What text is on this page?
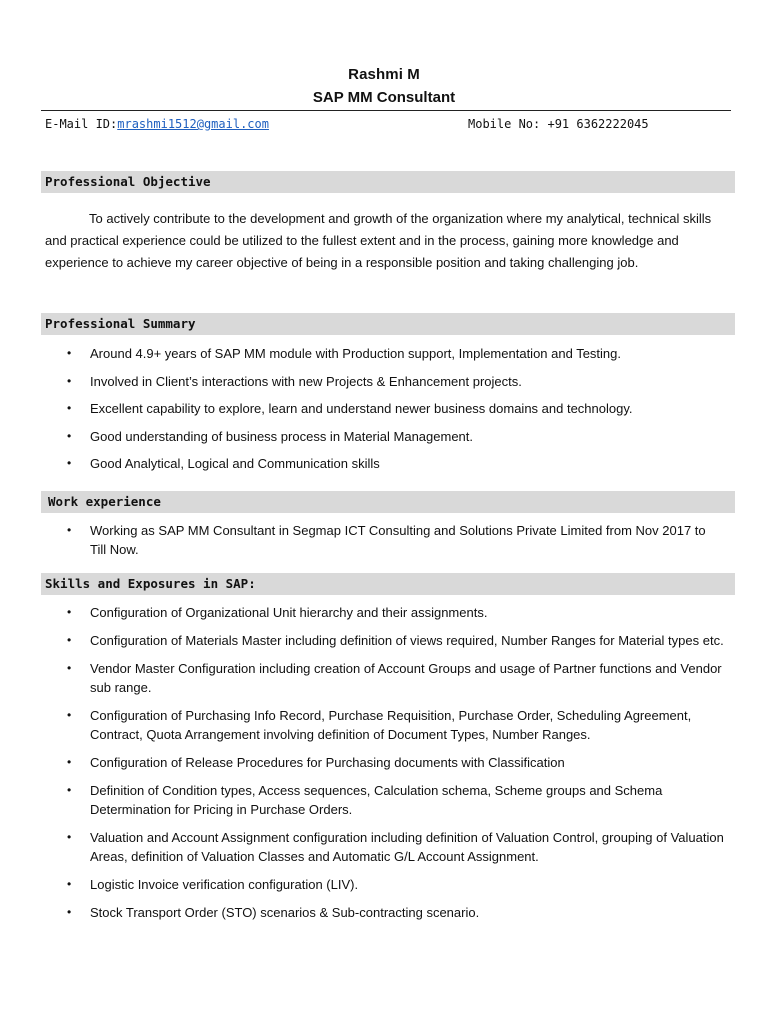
Rashmi M
SAP MM Consultant
E-Mail ID:mrashmi1512@gmail.com	Mobile No: +91 6362222045
Professional Objective
To actively contribute to the development and growth of the organization where my analytical, technical skills and practical experience could be utilized to the fullest extent and in the process, gaining more knowledge and experience to achieve my career objective of being in a responsible position and taking challenging job.
Professional Summary
• Around 4.9+ years of SAP MM module with Production support, Implementation and Testing.
• Involved in Client’s interactions with new Projects & Enhancement projects.
• Excellent capability to explore, learn and understand newer business domains and technology.
• Good understanding of business process in Material Management.
• Good Analytical, Logical and Communication skills
Work experience
• Working as SAP MM Consultant in Segmap ICT Consulting and Solutions Private Limited from Nov 2017 to Till Now.
Skills and Exposures in SAP:
• Configuration of Organizational Unit hierarchy and their assignments.
• Configuration of Materials Master including definition of views required, Number Ranges for Material types etc.
• Vendor Master Configuration including creation of Account Groups and usage of Partner functions and Vendor sub range.
• Configuration of Purchasing Info Record, Purchase Requisition, Purchase Order, Scheduling Agreement, Contract, Quota Arrangement involving definition of Document Types, Number Ranges.
• Configuration of Release Procedures for Purchasing documents with Classification
• Definition of Condition types, Access sequences, Calculation schema, Scheme groups and Schema Determination for Pricing in Purchase Orders.
• Valuation and Account Assignment configuration including definition of Valuation Control, grouping of Valuation Areas, definition of Valuation Classes and Automatic G/L Account Assignment.
• Logistic Invoice verification configuration (LIV).
• Stock Transport Order (STO) scenarios & Sub-contracting scenario.
